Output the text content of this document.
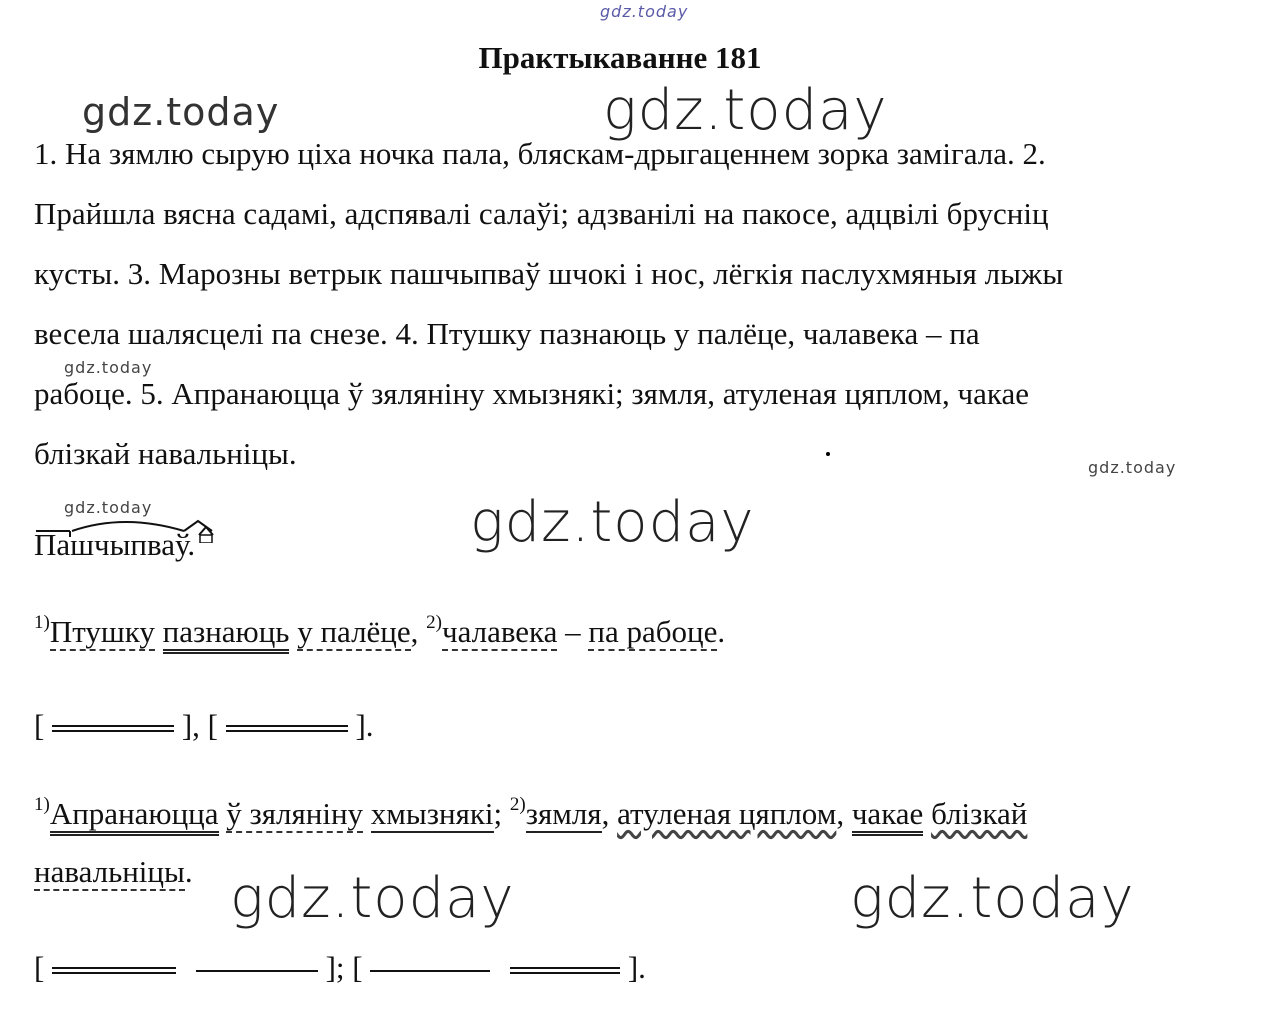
gdz.today
Практыкаванне 181
gdz.today	gdz.today
1. На зямлю сырую ціха ночка пала, бляскам-дрыгаценнем зорка замігала. 2.
Прайшла вясна садамі, адспявалі салаўі; адзванілі на пакосе, адцвілі брусніц
кусты. 3. Марозны ветрык пашчыпваў шчокі і нос, лёгкія паслухмяныя лыжы
весела шалясцелі па снезе. 4. Птушку пазнаюць у палёце, чалавека – па
рабоце. 5. Апранаюцца ў зяляніну хмызнякі; зямля, атуленая цяплом, чакае
блізкай навальніцы.
gdz.today
gdz.today
gdz.today
Пашчыпваў.	gdz.today
$^{1)}$Птушку пазнаюць у палёце, $^{2)}$чалавека – па рабоце.
[	], [	].
$^{1)}$Апранаюцца ў зяляніну хмызнякі; $^{2)}$зямля, атуленая цяплом, чакае блізкай
навальніцы. gdz.today	gdz.today
[	]; [	].
